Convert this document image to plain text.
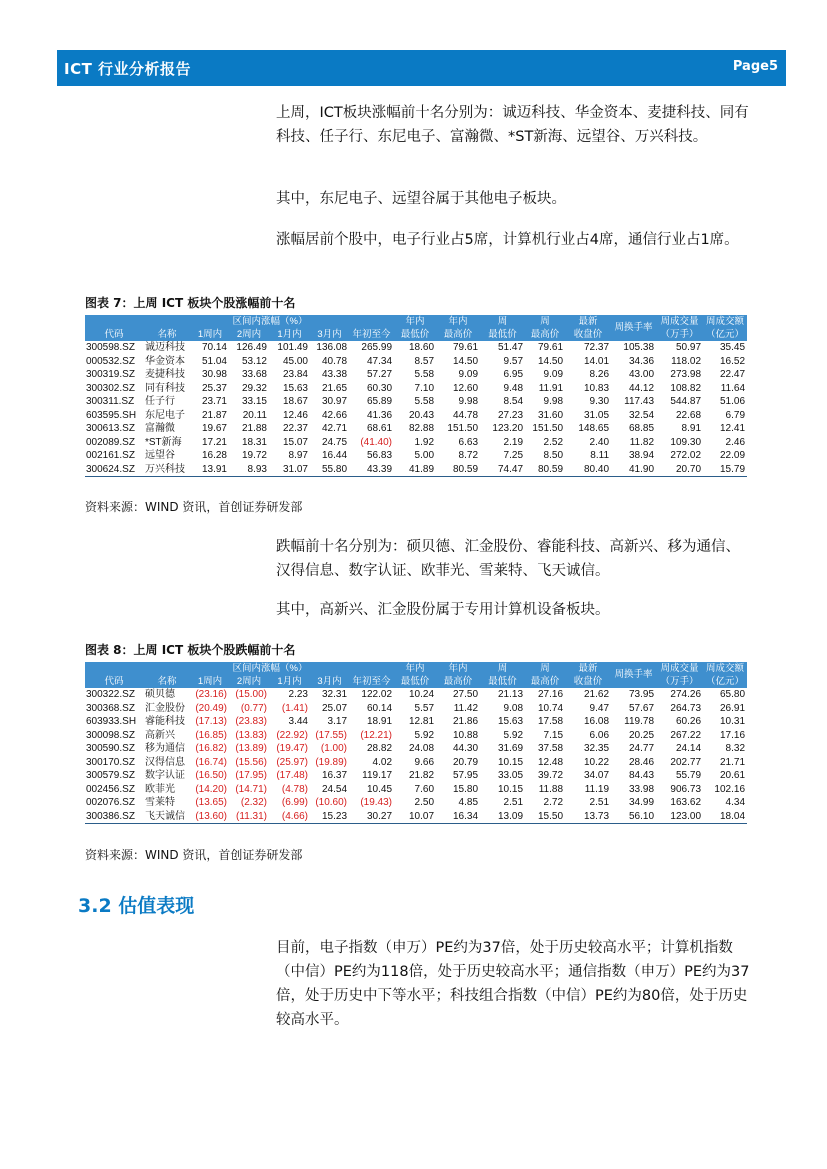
ICT 行业分析报告	Page5

上周，ICT板块涨幅前十名分别为：诚迈科技、华金资本、麦捷科技、同有科技、任子行、东尼电子、富瀚微、*ST新海、远望谷、万兴科技。

其中，东尼电子、远望谷属于其他电子板块。

涨幅居前个股中，电子行业占5席，计算机行业占4席，通信行业占1席。

图表 7：上周 ICT 板块个股涨幅前十名
		区间内涨幅（%）					年内	年内	周	周	最新	周换手率	周成交量	周成交额
代码	名称	1周内	2周内	1月内	3月内	年初至今	最低价	最高价	最低价	最高价	收盘价		（万手）	（亿元）
300598.SZ	诚迈科技	70.14	126.49	101.49	136.08	265.99	18.60	79.61	51.47	79.61	72.37	105.38	50.97	35.45
000532.SZ	华金资本	51.04	53.12	45.00	40.78	47.34	8.57	14.50	9.57	14.50	14.01	34.36	118.02	16.52
300319.SZ	麦捷科技	30.98	33.68	23.84	43.38	57.27	5.58	9.09	6.95	9.09	8.26	43.00	273.98	22.47
300302.SZ	同有科技	25.37	29.32	15.63	21.65	60.30	7.10	12.60	9.48	11.91	10.83	44.12	108.82	11.64
300311.SZ	任子行	23.71	33.15	18.67	30.97	65.89	5.58	9.98	8.54	9.98	9.30	117.43	544.87	51.06
603595.SH	东尼电子	21.87	20.11	12.46	42.66	41.36	20.43	44.78	27.23	31.60	31.05	32.54	22.68	6.79
300613.SZ	富瀚微	19.67	21.88	22.37	42.71	68.61	82.88	151.50	123.20	151.50	148.65	68.85	8.91	12.41
002089.SZ	*ST新海	17.21	18.31	15.07	24.75	(41.40)	1.92	6.63	2.19	2.52	2.40	11.82	109.30	2.46
002161.SZ	远望谷	16.28	19.72	8.97	16.44	56.83	5.00	8.72	7.25	8.50	8.11	38.94	272.02	22.09
300624.SZ	万兴科技	13.91	8.93	31.07	55.80	43.39	41.89	80.59	74.47	80.59	80.40	41.90	20.70	15.79
资料来源：WIND 资讯，首创证券研发部

跌幅前十名分别为：硕贝德、汇金股份、睿能科技、高新兴、移为通信、汉得信息、数字认证、欧菲光、雪莱特、飞天诚信。

其中，高新兴、汇金股份属于专用计算机设备板块。

图表 8：上周 ICT 板块个股跌幅前十名
		区间内涨幅（%）					年内	年内	周	周	最新	周换手率	周成交量	周成交额
代码	名称	1周内	2周内	1月内	3月内	年初至今	最低价	最高价	最低价	最高价	收盘价		（万手）	（亿元）
300322.SZ	硕贝德	(23.16)	(15.00)	2.23	32.31	122.02	10.24	27.50	21.13	27.16	21.62	73.95	274.26	65.80
300368.SZ	汇金股份	(20.49)	(0.77)	(1.41)	25.07	60.14	5.57	11.42	9.08	10.74	9.47	57.67	264.73	26.91
603933.SH	睿能科技	(17.13)	(23.83)	3.44	3.17	18.91	12.81	21.86	15.63	17.58	16.08	119.78	60.26	10.31
300098.SZ	高新兴	(16.85)	(13.83)	(22.92)	(17.55)	(12.21)	5.92	10.88	5.92	7.15	6.06	20.25	267.22	17.16
300590.SZ	移为通信	(16.82)	(13.89)	(19.47)	(1.00)	28.82	24.08	44.30	31.69	37.58	32.35	24.77	24.14	8.32
300170.SZ	汉得信息	(16.74)	(15.56)	(25.97)	(19.89)	4.02	9.66	20.79	10.15	12.48	10.22	28.46	202.77	21.71
300579.SZ	数字认证	(16.50)	(17.95)	(17.48)	16.37	119.17	21.82	57.95	33.05	39.72	34.07	84.43	55.79	20.61
002456.SZ	欧菲光	(14.20)	(14.71)	(4.78)	24.54	10.45	7.60	15.80	10.15	11.88	11.19	33.98	906.73	102.16
002076.SZ	雪莱特	(13.65)	(2.32)	(6.99)	(10.60)	(19.43)	2.50	4.85	2.51	2.72	2.51	34.99	163.62	4.34
300386.SZ	飞天诚信	(13.60)	(11.31)	(4.66)	15.23	30.27	10.07	16.34	13.09	15.50	13.73	56.10	123.00	18.04
资料来源：WIND 资讯，首创证券研发部
3.2 估值表现

目前，电子指数（申万）PE约为37倍，处于历史较高水平；计算机指数（中信）PE约为118倍，处于历史较高水平；通信指数（申万）PE约为37倍，处于历史中下等水平；科技组合指数（中信）PE约为80倍，处于历史较高水平。
